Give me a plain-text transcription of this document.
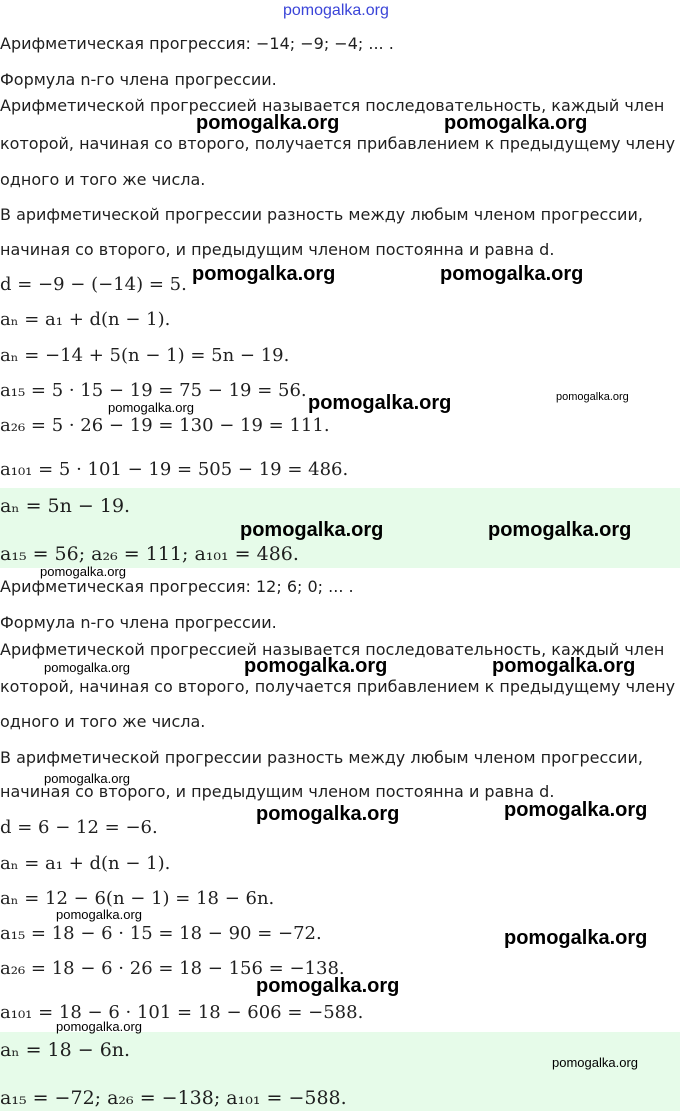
pomogalka.org

Арифметическая прогрессия: −14; −9; −4; ... .

Формула n-го члена прогрессии.

Арифметической прогрессией называется последовательность, каждый член

которой, начиная со второго, получается прибавлением к предыдущему члену

одного и того же числа.

В арифметической прогрессии разность между любым членом прогрессии,

начиная со второго, и предыдущим членом постоянна и равна d.

d = −9 − (−14) = 5.

aₙ = a₁ + d(n − 1).

aₙ = −14 + 5(n − 1) = 5n − 19.

a₁₅ = 5 · 15 − 19 = 75 − 19 = 56.

a₂₆ = 5 · 26 − 19 = 130 − 19 = 111.

a₁₀₁ = 5 · 101 − 19 = 505 − 19 = 486.

aₙ = 5n − 19.

a₁₅ = 56; a₂₆ = 111; a₁₀₁ = 486.

Арифметическая прогрессия: 12; 6; 0; ... .

Формула n-го члена прогрессии.

Арифметической прогрессией называется последовательность, каждый член

которой, начиная со второго, получается прибавлением к предыдущему члену

одного и того же числа.

В арифметической прогрессии разность между любым членом прогрессии,

начиная со второго, и предыдущим членом постоянна и равна d.

d = 6 − 12 = −6.

aₙ = a₁ + d(n − 1).

aₙ = 12 − 6(n − 1) = 18 − 6n.

a₁₅ = 18 − 6 · 15 = 18 − 90 = −72.

a₂₆ = 18 − 6 · 26 = 18 − 156 = −138.

a₁₀₁ = 18 − 6 · 101 = 18 − 606 = −588.

aₙ = 18 − 6n.

a₁₅ = −72; a₂₆ = −138; a₁₀₁ = −588.

pomogalka.org	pomogalka.org
pomogalka.org	pomogalka.org
pomogalka.org	pomogalka.org	pomogalka.org
pomogalka.org	pomogalka.org
pomogalka.org
pomogalka.org	pomogalka.org	pomogalka.org
pomogalka.org
pomogalka.org	pomogalka.org
pomogalka.org
pomogalka.org
pomogalka.org
pomogalka.org
pomogalka.org
